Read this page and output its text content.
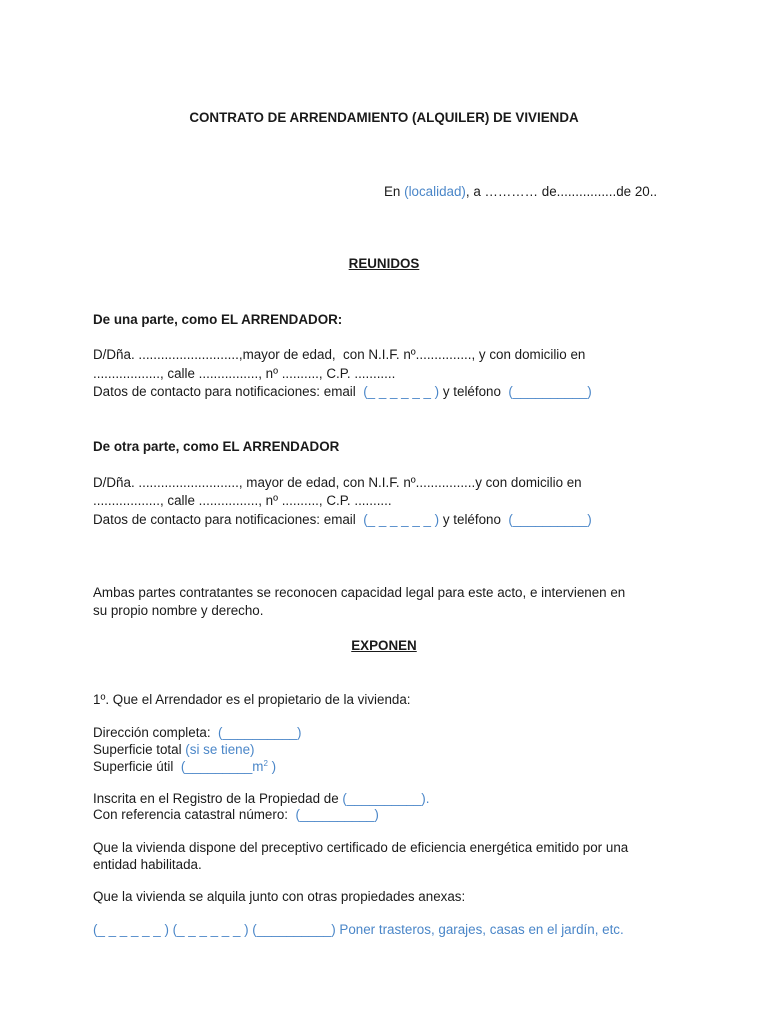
CONTRATO DE ARRENDAMIENTO (ALQUILER) DE VIVIENDA
En (localidad), a ………… de................de 20..
REUNIDOS
De una parte, como EL ARRENDADOR:
D/Dña. ...........................,mayor de edad,  con N.I.F. nº..............., y con domicilio en
.................., calle ................, nº .........., C.P. ...........
Datos de contacto para notificaciones: email  (_ _ _ _ _ _ ) y teléfono  (__________)
De otra parte, como EL ARRENDADOR
D/Dña. ..........................., mayor de edad, con N.I.F. nº................y con domicilio en
.................., calle ................, nº .........., C.P. ..........
Datos de contacto para notificaciones: email  (_ _ _ _ _ _ ) y teléfono  (__________)
Ambas partes contratantes se reconocen capacidad legal para este acto, e intervienen en
su propio nombre y derecho.
EXPONEN
1º. Que el Arrendador es el propietario de la vivienda:
Dirección completa:  (__________)
Superficie total (si se tiene)
Superficie útil  ($\_\_\_\_\_\_\_\_\_m^2$ )
Inscrita en el Registro de la Propiedad de (__________).
Con referencia catastral número:  (__________)
Que la vivienda dispone del preceptivo certificado de eficiencia energética emitido por una
entidad habilitada.
Que la vivienda se alquila junto con otras propiedades anexas:
(_ _ _ _ _ _ ) (_ _ _ _ _ _ ) (__________) Poner trasteros, garajes, casas en el jardín, etc.
